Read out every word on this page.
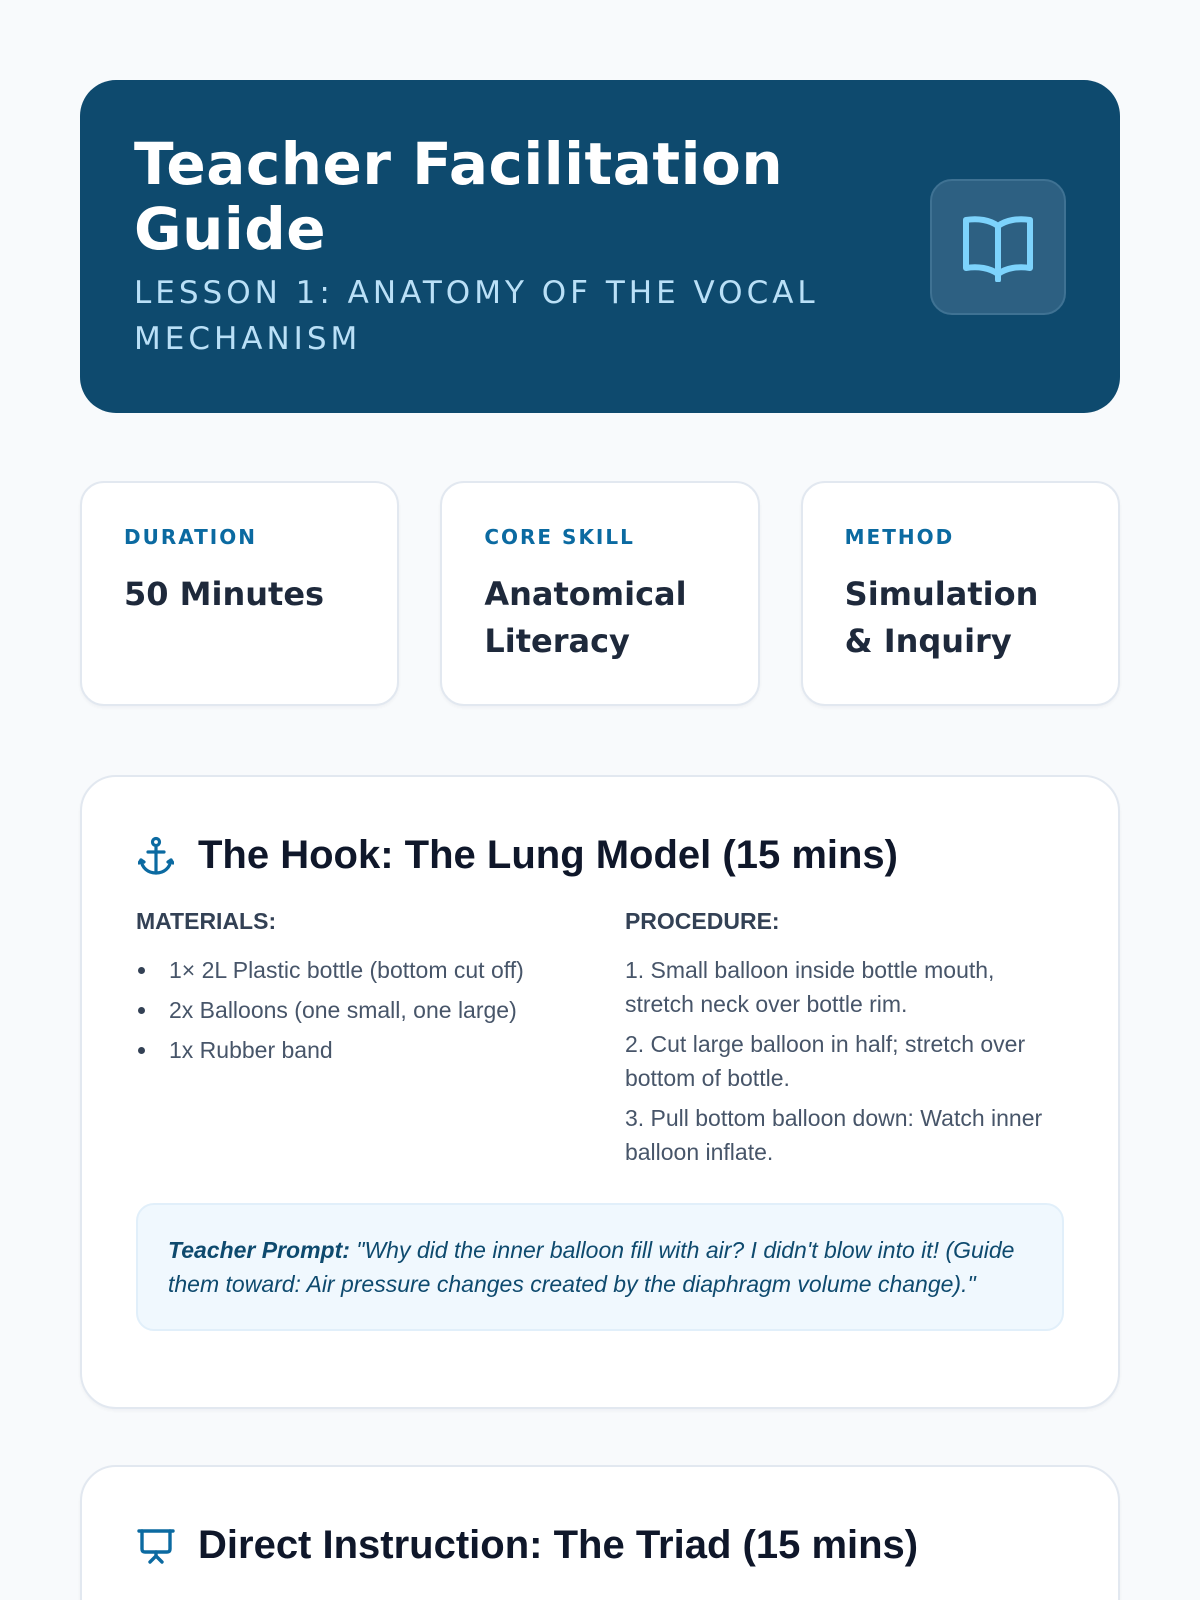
Teacher Facilitation Guide
LESSON 1: ANATOMY OF THE VOCAL MECHANISM
DURATION
50 Minutes
CORE SKILL
Anatomical Literacy
METHOD
Simulation & Inquiry
The Hook: The Lung Model (15 mins)
MATERIALS:
1× 2L Plastic bottle (bottom cut off)
2x Balloons (one small, one large)
1x Rubber band
PROCEDURE:
1. Small balloon inside bottle mouth, stretch neck over bottle rim.
2. Cut large balloon in half; stretch over bottom of bottle.
3. Pull bottom balloon down: Watch inner balloon inflate.
Teacher Prompt: "Why did the inner balloon fill with air? I didn't blow into it! (Guide them toward: Air pressure changes created by the diaphragm volume change)."
Direct Instruction: The Triad (15 mins)
